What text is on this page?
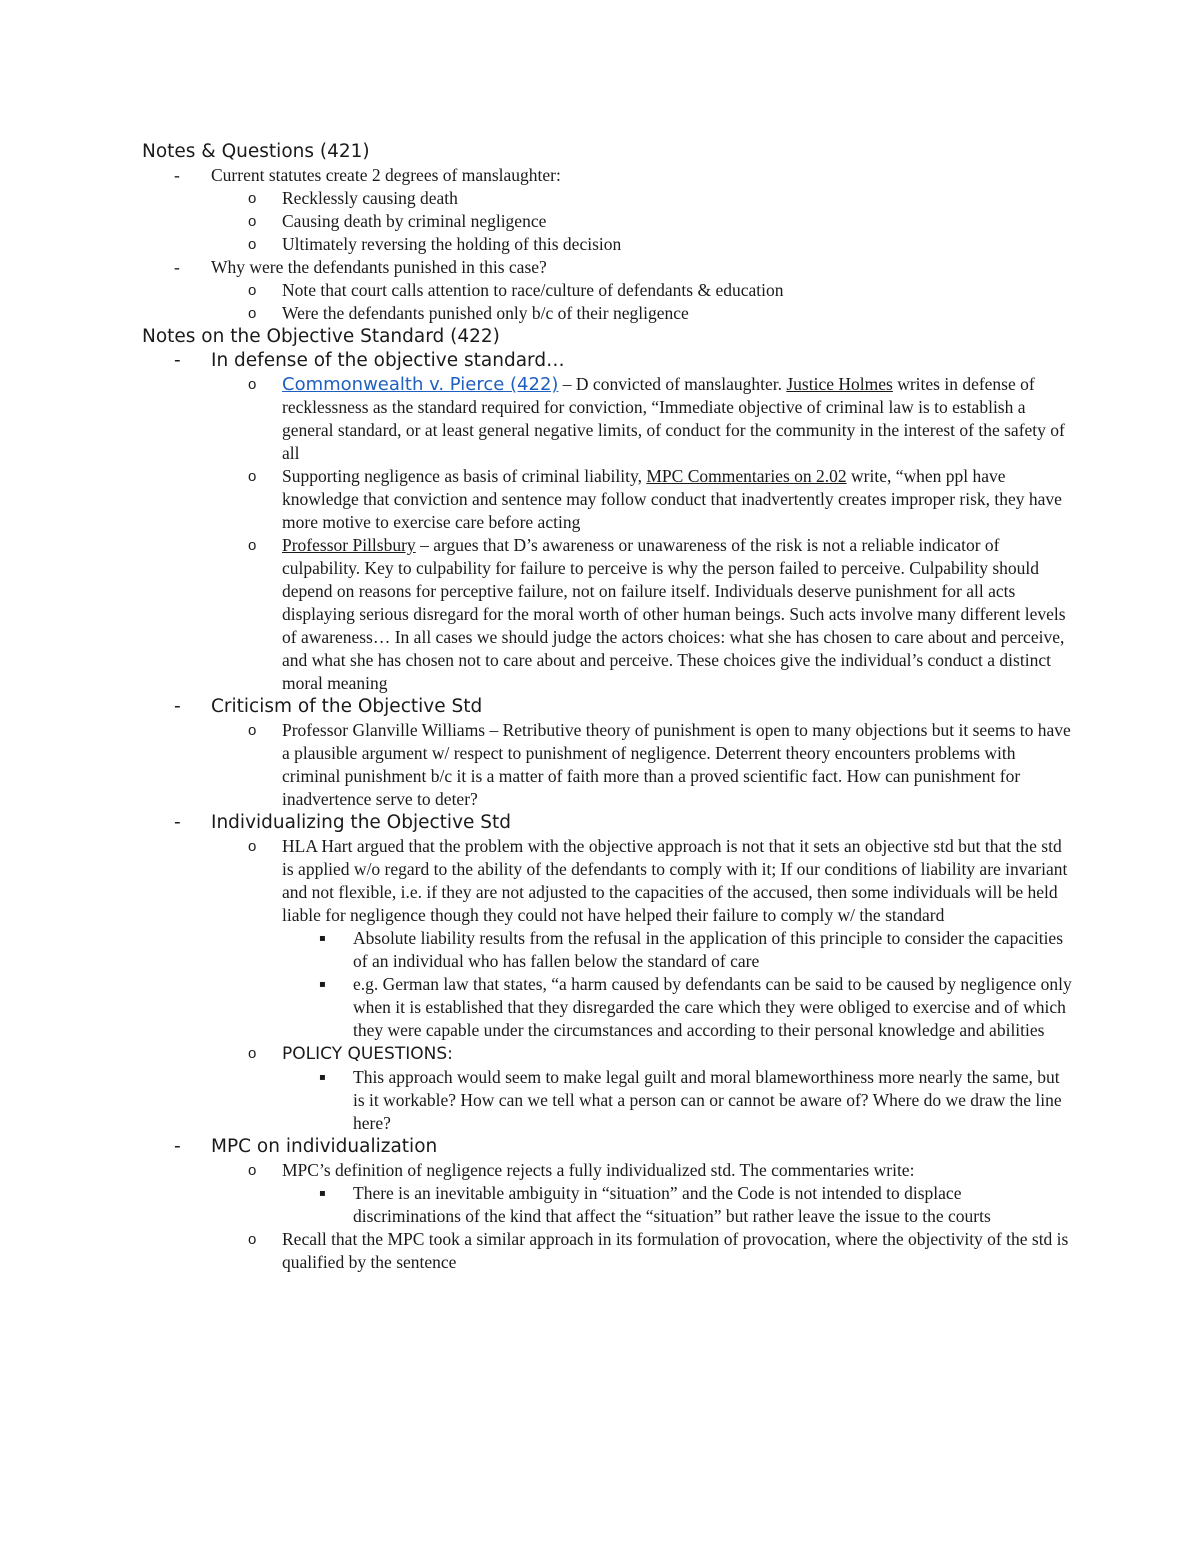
Notes & Questions (421)
- Current statutes create 2 degrees of manslaughter:
o Recklessly causing death
o Causing death by criminal negligence
o Ultimately reversing the holding of this decision
- Why were the defendants punished in this case?
o Note that court calls attention to race/culture of defendants & education
o Were the defendants punished only b/c of their negligence
Notes on the Objective Standard (422)
- In defense of the objective standard…
o Commonwealth v. Pierce (422) – D convicted of manslaughter. Justice Holmes writes in defense of recklessness as the standard required for conviction, “Immediate objective of criminal law is to establish a general standard, or at least general negative limits, of conduct for the community in the interest of the safety of all
o Supporting negligence as basis of criminal liability, MPC Commentaries on 2.02 write, “when ppl have knowledge that conviction and sentence may follow conduct that inadvertently creates improper risk, they have more motive to exercise care before acting
o Professor Pillsbury – argues that D’s awareness or unawareness of the risk is not a reliable indicator of culpability. Key to culpability for failure to perceive is why the person failed to perceive. Culpability should depend on reasons for perceptive failure, not on failure itself. Individuals deserve punishment for all acts displaying serious disregard for the moral worth of other human beings. Such acts involve many different levels of awareness… In all cases we should judge the actors choices: what she has chosen to care about and perceive, and what she has chosen not to care about and perceive. These choices give the individual’s conduct a distinct moral meaning
- Criticism of the Objective Std
o Professor Glanville Williams – Retributive theory of punishment is open to many objections but it seems to have a plausible argument w/ respect to punishment of negligence. Deterrent theory encounters problems with criminal punishment b/c it is a matter of faith more than a proved scientific fact. How can punishment for inadvertence serve to deter?
- Individualizing the Objective Std
o HLA Hart argued that the problem with the objective approach is not that it sets an objective std but that the std is applied w/o regard to the ability of the defendants to comply with it; If our conditions of liability are invariant and not flexible, i.e. if they are not adjusted to the capacities of the accused, then some individuals will be held liable for negligence though they could not have helped their failure to comply w/ the standard
▪ Absolute liability results from the refusal in the application of this principle to consider the capacities of an individual who has fallen below the standard of care
▪ e.g. German law that states, “a harm caused by defendants can be said to be caused by negligence only when it is established that they disregarded the care which they were obliged to exercise and of which they were capable under the circumstances and according to their personal knowledge and abilities
o POLICY QUESTIONS:
▪ This approach would seem to make legal guilt and moral blameworthiness more nearly the same, but is it workable? How can we tell what a person can or cannot be aware of? Where do we draw the line here?
- MPC on individualization
o MPC’s definition of negligence rejects a fully individualized std. The commentaries write:
▪ There is an inevitable ambiguity in “situation” and the Code is not intended to displace discriminations of the kind that affect the “situation” but rather leave the issue to the courts
o Recall that the MPC took a similar approach in its formulation of provocation, where the objectivity of the std is qualified by the sentence
